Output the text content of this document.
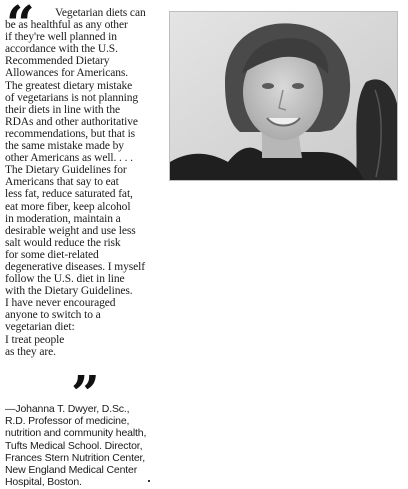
“	Vegetarian diets can
be as healthful as any other
if they're well planned in
accordance with the U.S.
Recommended Dietary
Allowances for Americans.
The greatest dietary mistake
of vegetarians is not planning
their diets in line with the
RDAs and other authoritative
recommendations, but that is
the same mistake made by
other Americans as well. . . .
The Dietary Guidelines for
Americans that say to eat
less fat, reduce saturated fat,
eat more fiber, keep alcohol
in moderation, maintain a
desirable weight and use less
salt would reduce the risk
for some diet-related
degenerative diseases. I myself
follow the U.S. diet in line
with the Dietary Guidelines.
I have never encouraged
anyone to switch to a
vegetarian diet:
I treat people
as they are.
”
—Johanna T. Dwyer, D.Sc.,
R.D. Professor of medicine,
nutrition and community health,
Tufts Medical School. Director,
Frances Stern Nutrition Center,
New England Medical Center
Hospital, Boston.
